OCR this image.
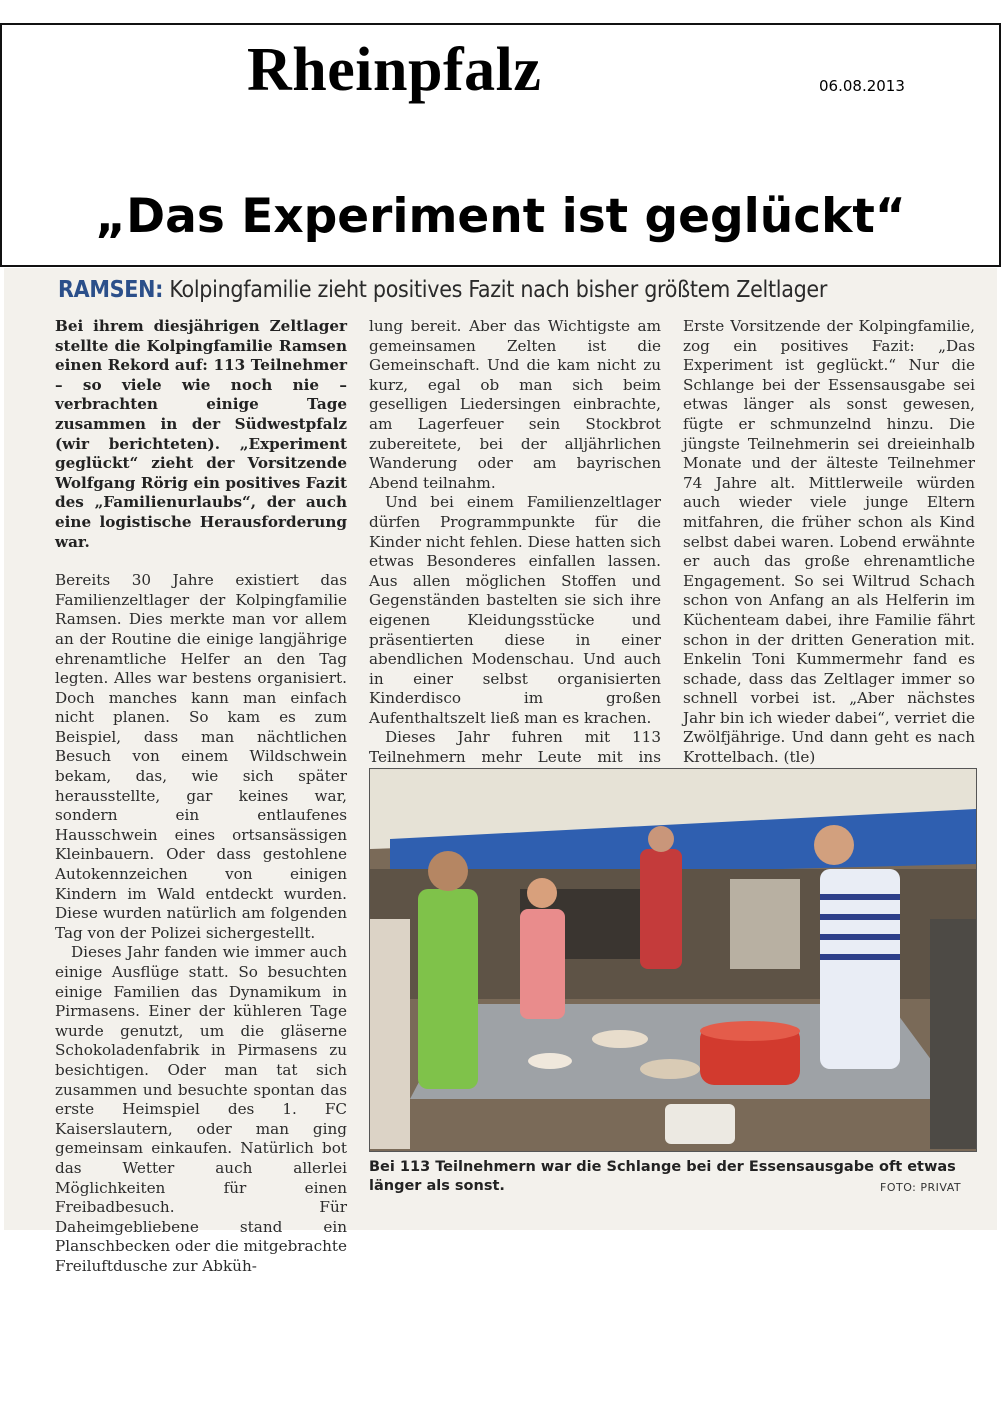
Rheinpfalz	06.08.2013
„Das Experiment ist geglückt“
RAMSEN: Kolpingfamilie zieht positives Fazit nach bisher größtem Zeltlager

Bei ihrem diesjährigen Zeltlager stellte die Kolpingfamilie Ramsen einen Rekord auf: 113 Teilnehmer – so viele wie noch nie – verbrachten einige Tage zusammen in der Südwestpfalz (wir berichteten). „Experiment geglückt“ zieht der Vorsitzende Wolfgang Rörig ein positives Fazit des „Familienurlaubs“, der auch eine logistische Herausforderung war.

Bereits 30 Jahre existiert das Familienzeltlager der Kolpingfamilie Ramsen. Dies merkte man vor allem an der Routine die einige langjährige ehrenamtliche Helfer an den Tag legten. Alles war bestens organisiert. Doch manches kann man einfach nicht planen. So kam es zum Beispiel, dass man nächtlichen Besuch von einem Wildschwein bekam, das, wie sich später herausstellte, gar keines war, sondern ein entlaufenes Hausschwein eines ortsansässigen Kleinbauern. Oder dass gestohlene Autokennzeichen von einigen Kindern im Wald entdeckt wurden. Diese wurden natürlich am folgenden Tag von der Polizei sichergestellt.

Dieses Jahr fanden wie immer auch einige Ausflüge statt. So besuchten einige Familien das Dynamikum in Pirmasens. Einer der kühleren Tage wurde genutzt, um die gläserne Schokoladenfabrik in Pirmasens zu besichtigen. Oder man tat sich zusammen und besuchte spontan das erste Heimspiel des 1. FC Kaiserslautern, oder man ging gemeinsam einkaufen. Natürlich bot das Wetter auch allerlei Möglichkeiten für einen Freibadbesuch. Für Daheimgebliebene stand ein Planschbecken oder die mitgebrachte Freiluftdusche zur Abküh-

lung bereit. Aber das Wichtigste am gemeinsamen Zelten ist die Gemeinschaft. Und die kam nicht zu kurz, egal ob man sich beim geselligen Liedersingen einbrachte, am Lagerfeuer sein Stockbrot zubereitete, bei der alljährlichen Wanderung oder am bayrischen Abend teilnahm.

Und bei einem Familienzeltlager dürfen Programmpunkte für die Kinder nicht fehlen. Diese hatten sich etwas Besonderes einfallen lassen. Aus allen möglichen Stoffen und Gegenständen bastelten sie sich ihre eigenen Kleidungsstücke und präsentierten diese in einer abendlichen Modenschau. Und auch in einer selbst organisierten Kinderdisco im großen Aufenthaltszelt ließ man es krachen.

Dieses Jahr fuhren mit 113 Teilnehmern mehr Leute mit ins

Erste Vorsitzende der Kolpingfamilie, zog ein positives Fazit: „Das Experiment ist geglückt.“ Nur die Schlange bei der Essensausgabe sei etwas länger als sonst gewesen, fügte er schmunzelnd hinzu. Die jüngste Teilnehmerin sei dreieinhalb Monate und der älteste Teilnehmer 74 Jahre alt. Mittlerweile würden auch wieder viele junge Eltern mitfahren, die früher schon als Kind selbst dabei waren. Lobend erwähnte er auch das große ehrenamtliche Engagement. So sei Wiltrud Schach schon von Anfang an als Helferin im Küchenteam dabei, ihre Familie fährt schon in der dritten Generation mit. Enkelin Toni Kummermehr fand es schade, dass das Zeltlager immer so schnell vorbei ist. „Aber nächstes Jahr bin ich wieder dabei“, verriet die Zwölfjährige. Und dann geht es nach Krottelbach. (tle)

Bei 113 Teilnehmern war die Schlange bei der Essensausgabe oft etwas länger als sonst.	FOTO: PRIVAT
